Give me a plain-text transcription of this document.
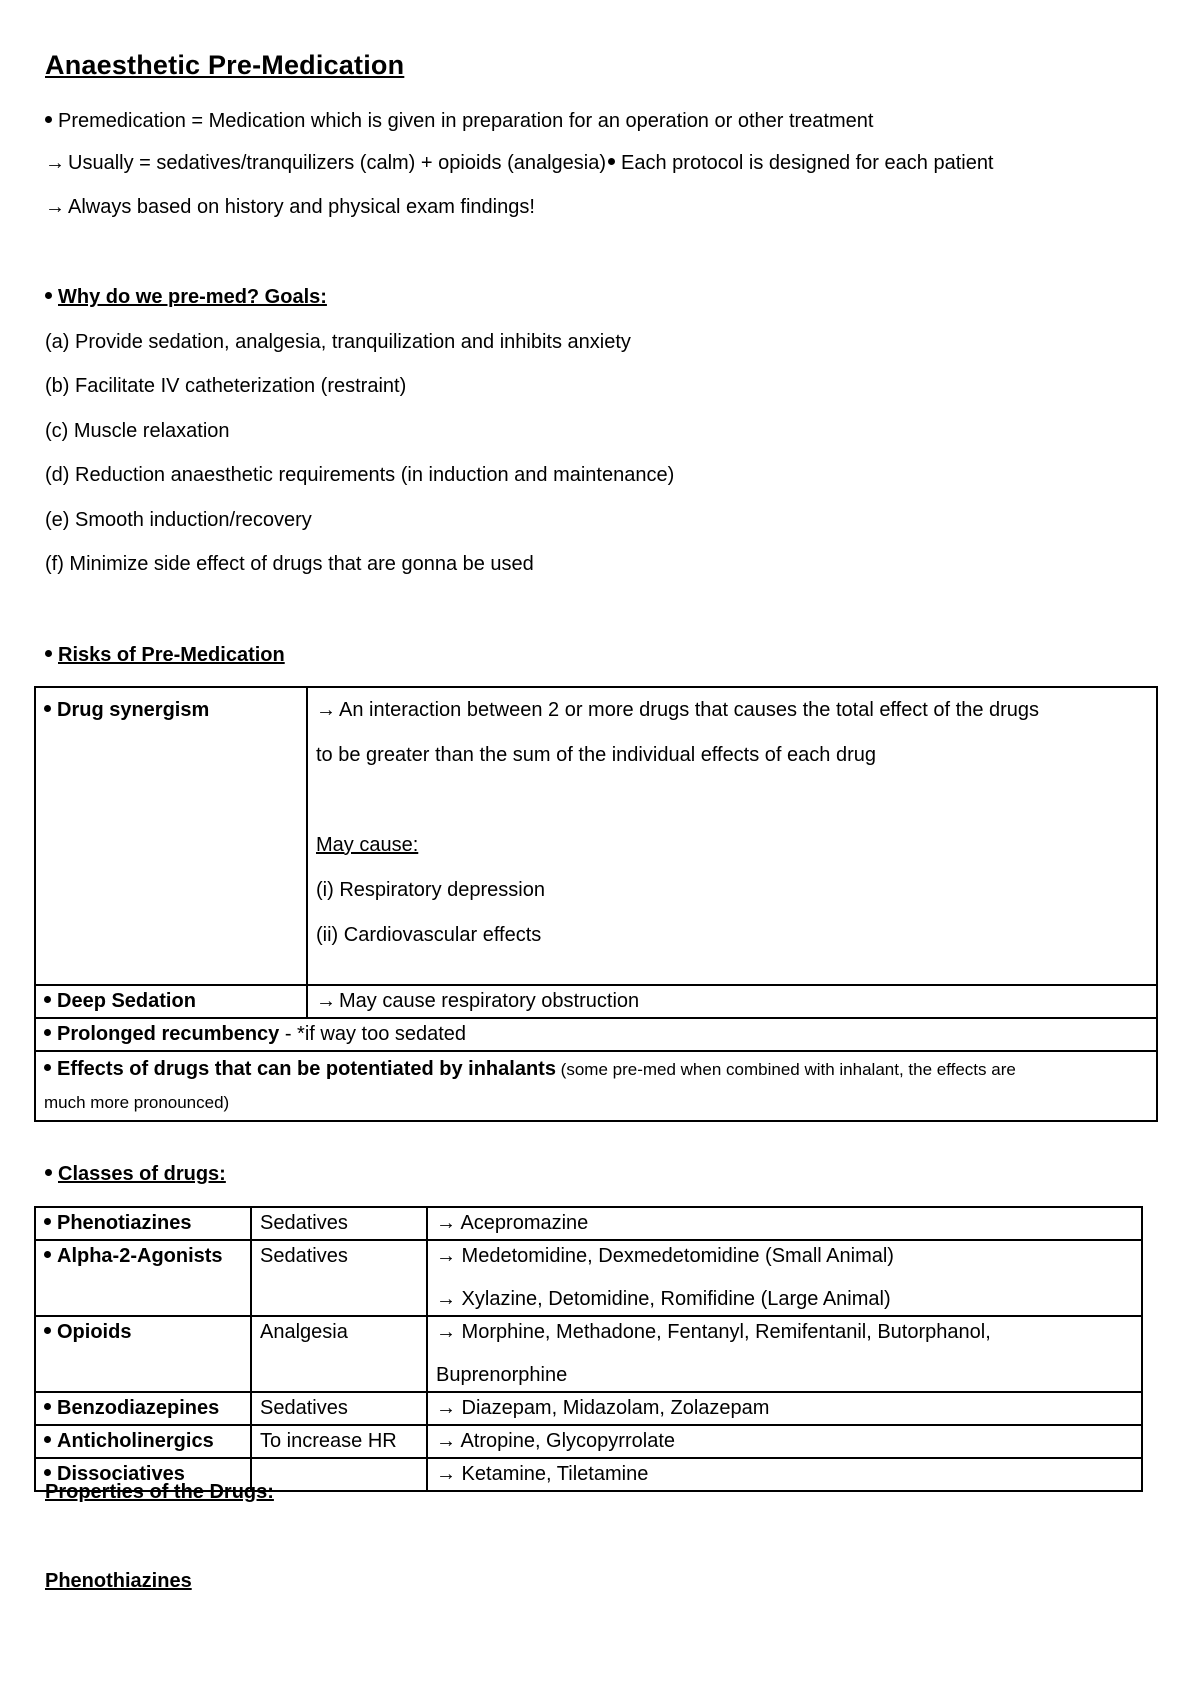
Anaesthetic Pre-Medication
Premedication = Medication which is given in preparation for an operation or other treatment
→ Usually = sedatives/tranquilizers (calm) + opioids (analgesia) Each protocol is designed for each patient
→ Always based on history and physical exam findings!
Why do we pre-med? Goals:
(a) Provide sedation, analgesia, tranquilization and inhibits anxiety
(b) Facilitate IV catheterization (restraint)
(c) Muscle relaxation
(d) Reduction anaesthetic requirements (in induction and maintenance)
(e) Smooth induction/recovery
(f) Minimize side effect of drugs that are gonna be used
Risks of Pre-Medication
Drug synergism	→ An interaction between 2 or more drugs that causes the total effect of the drugs
to be greater than the sum of the individual effects of each drug
May cause:
(i) Respiratory depression
(ii) Cardiovascular effects

Deep Sedation	→ May cause respiratory obstruction

Prolonged recumbency - *if way too sedated	

Effects of drugs that can be potentiated by inhalants (some pre-med when combined with inhalant, the effects are
much more pronounced)	
Classes of drugs:
Phenotiazines	Sedatives	→ Acepromazine

Alpha-2-Agonists	Sedatives	→ Medetomidine, Dexmedetomidine (Small Animal)
→ Xylazine, Detomidine, Romifidine (Large Animal)

Opioids	Analgesia	→ Morphine, Methadone, Fentanyl, Remifentanil, Butorphanol,
Buprenorphine

Benzodiazepines	Sedatives	→ Diazepam, Midazolam, Zolazepam

Anticholinergics	To increase HR	→ Atropine, Glycopyrrolate

Dissociatives		→ Ketamine, Tiletamine
Properties of the Drugs:
Phenothiazines
